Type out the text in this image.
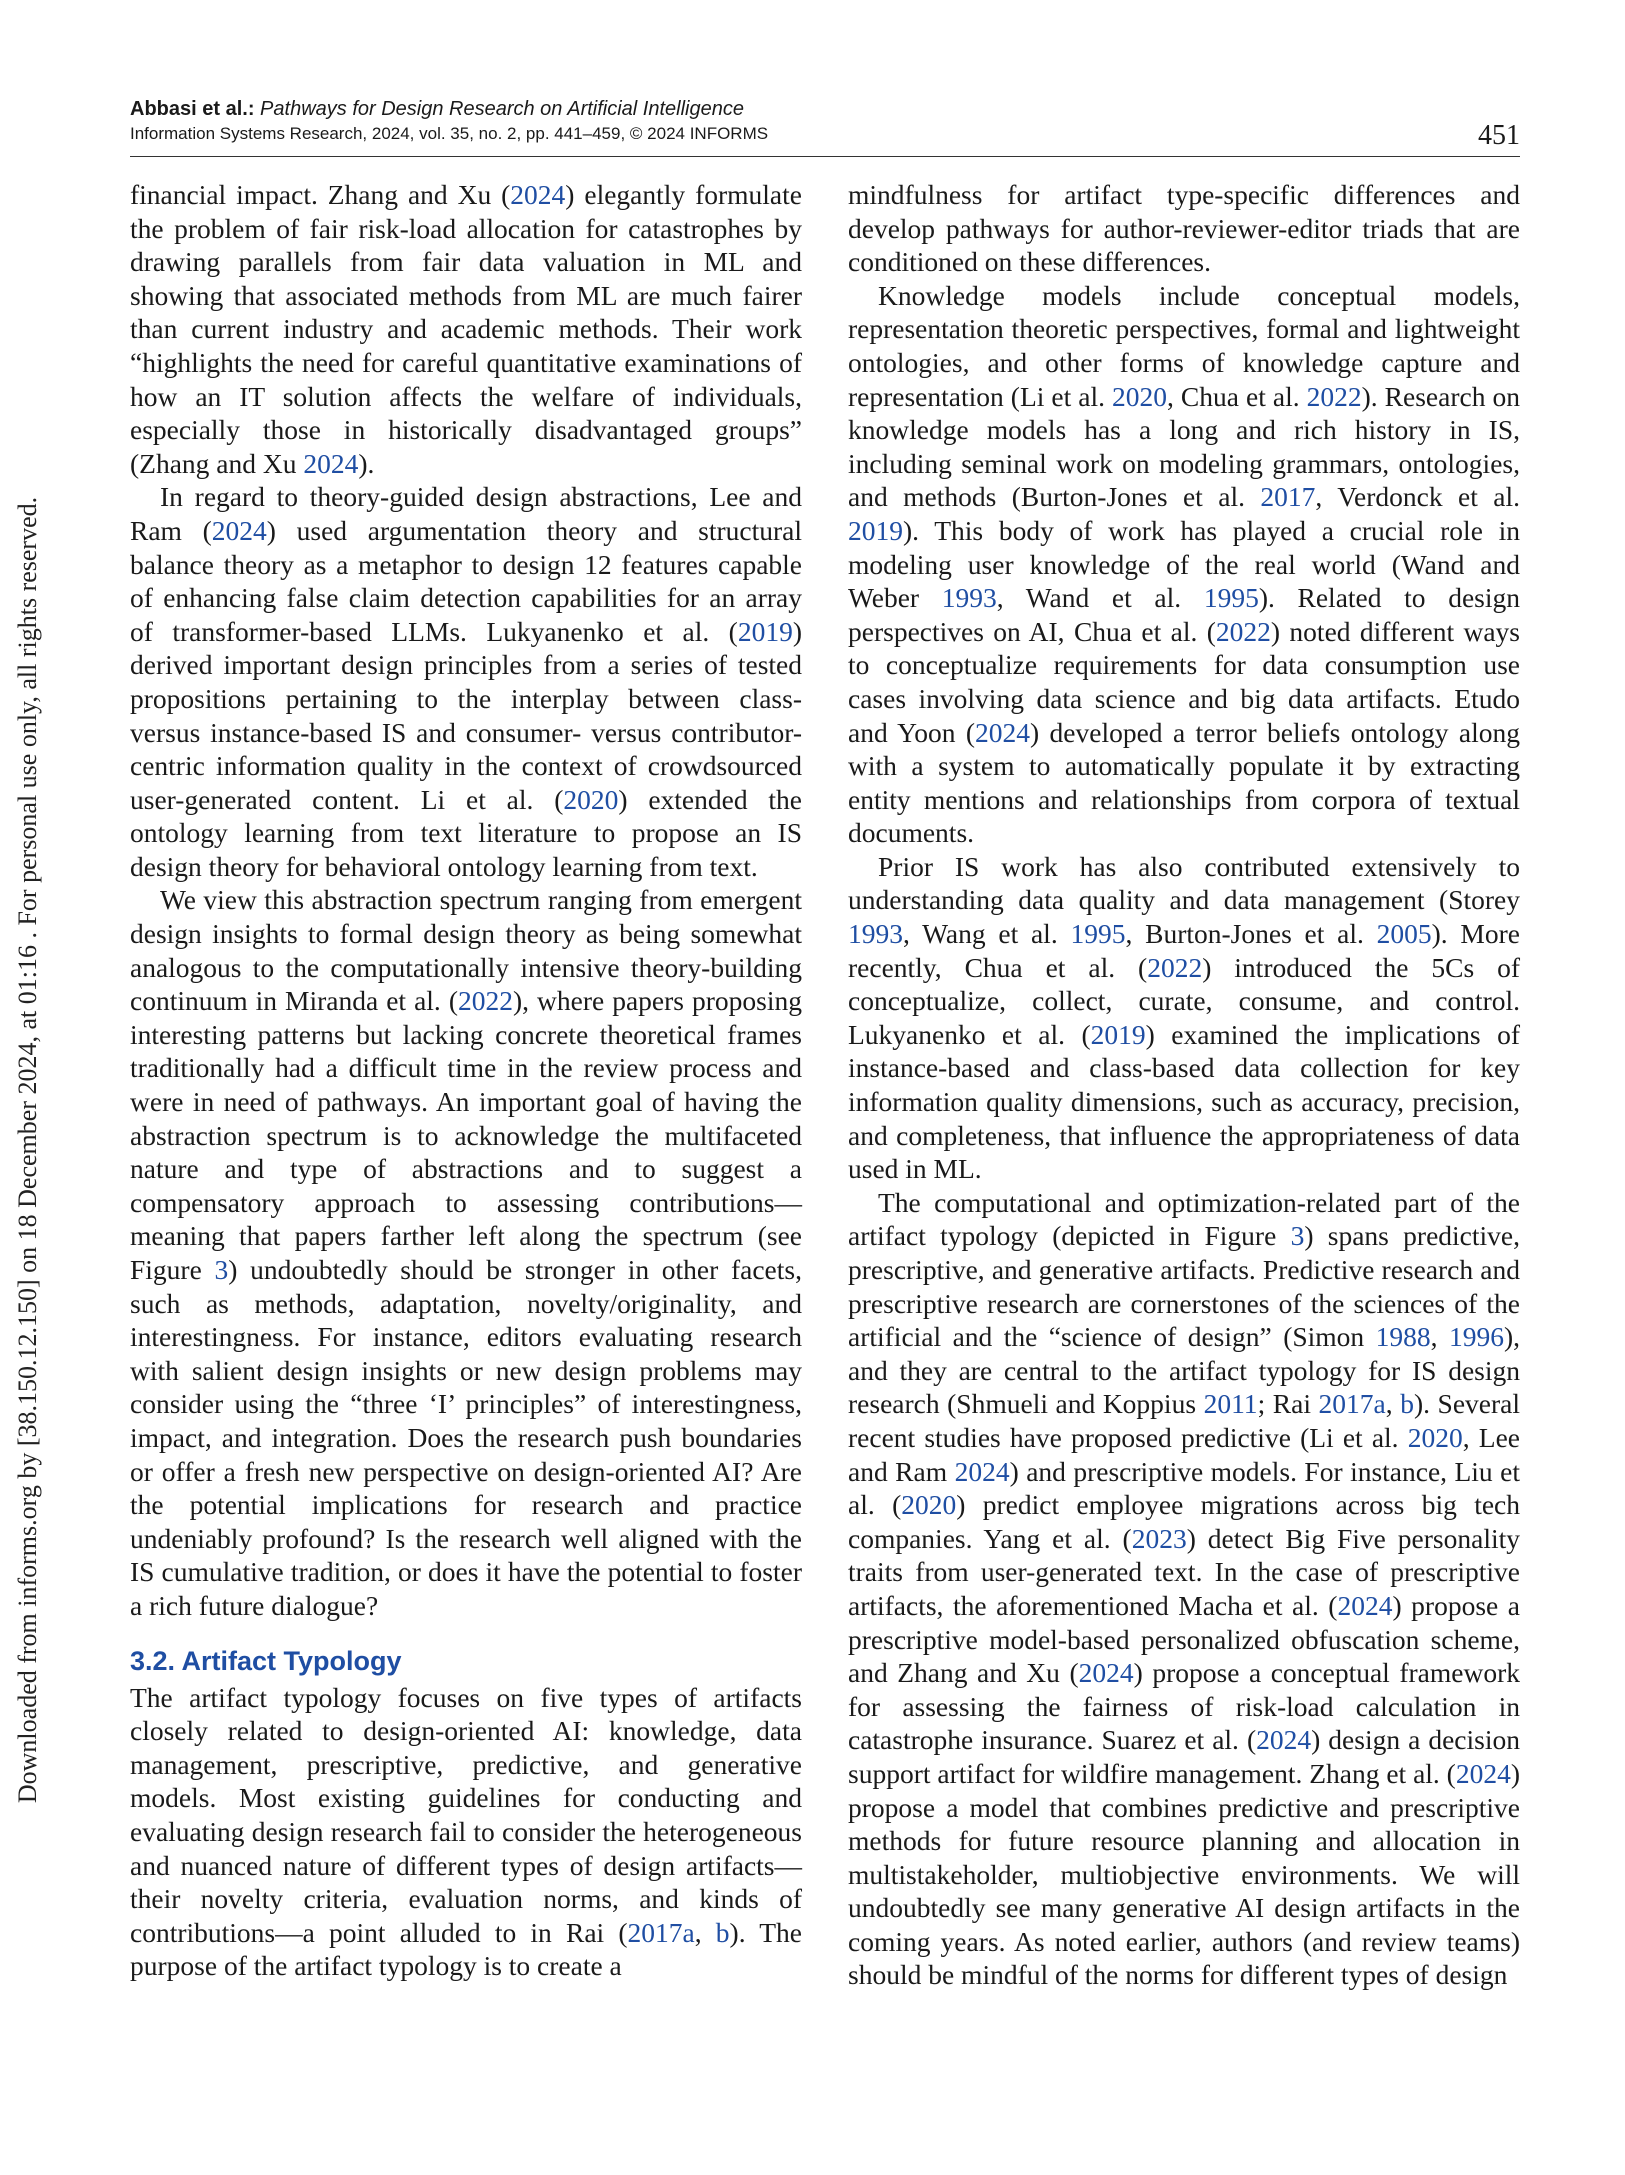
Downloaded from informs.org by [38.150.12.150] on 18 December 2024, at 01:16 . For personal use only, all rights reserved.
Abbasi et al.: Pathways for Design Research on Artificial Intelligence
Information Systems Research, 2024, vol. 35, no. 2, pp. 441–459, © 2024 INFORMS	451

financial impact. Zhang and Xu (2024) elegantly formulate the problem of fair risk-load allocation for catastrophes by drawing parallels from fair data valuation in ML and showing that associated methods from ML are much fairer than current industry and academic methods. Their work “highlights the need for careful quantitative examinations of how an IT solution affects the welfare of individuals, especially those in historically disadvantaged groups” (Zhang and Xu 2024).

In regard to theory-guided design abstractions, Lee and Ram (2024) used argumentation theory and structural balance theory as a metaphor to design 12 features capable of enhancing false claim detection capabilities for an array of transformer-based LLMs. Lukyanenko et al. (2019) derived important design principles from a series of tested propositions pertaining to the interplay between class- versus instance-based IS and consumer- versus contributor-centric information quality in the context of crowdsourced user-generated content. Li et al. (2020) extended the ontology learning from text literature to propose an IS design theory for behavioral ontology learning from text.

We view this abstraction spectrum ranging from emergent design insights to formal design theory as being somewhat analogous to the computationally intensive theory-building continuum in Miranda et al. (2022), where papers proposing interesting patterns but lacking concrete theoretical frames traditionally had a difficult time in the review process and were in need of pathways. An important goal of having the abstraction spectrum is to acknowledge the multifaceted nature and type of abstractions and to suggest a compensatory approach to assessing contributions—meaning that papers farther left along the spectrum (see Figure 3) undoubtedly should be stronger in other facets, such as methods, adaptation, novelty/originality, and interestingness. For instance, editors evaluating research with salient design insights or new design problems may consider using the “three ‘I’ principles” of interestingness, impact, and integration. Does the research push boundaries or offer a fresh new perspective on design-oriented AI? Are the potential implications for research and practice undeniably profound? Is the research well aligned with the IS cumulative tradition, or does it have the potential to foster a rich future dialogue?

3.2. Artifact Typology

The artifact typology focuses on five types of artifacts closely related to design-oriented AI: knowledge, data management, prescriptive, predictive, and generative models. Most existing guidelines for conducting and evaluating design research fail to consider the heterogeneous and nuanced nature of different types of design artifacts—their novelty criteria, evaluation norms, and kinds of contributions—a point alluded to in Rai (2017a, b). The purpose of the artifact typology is to create a

mindfulness for artifact type-specific differences and develop pathways for author-reviewer-editor triads that are conditioned on these differences.

Knowledge models include conceptual models, representation theoretic perspectives, formal and lightweight ontologies, and other forms of knowledge capture and representation (Li et al. 2020, Chua et al. 2022). Research on knowledge models has a long and rich history in IS, including seminal work on modeling grammars, ontologies, and methods (Burton-Jones et al. 2017, Verdonck et al. 2019). This body of work has played a crucial role in modeling user knowledge of the real world (Wand and Weber 1993, Wand et al. 1995). Related to design perspectives on AI, Chua et al. (2022) noted different ways to conceptualize requirements for data consumption use cases involving data science and big data artifacts. Etudo and Yoon (2024) developed a terror beliefs ontology along with a system to automatically populate it by extracting entity mentions and relationships from corpora of textual documents.

Prior IS work has also contributed extensively to understanding data quality and data management (Storey 1993, Wang et al. 1995, Burton-Jones et al. 2005). More recently, Chua et al. (2022) introduced the 5Cs of conceptualize, collect, curate, consume, and control. Lukyanenko et al. (2019) examined the implications of instance-based and class-based data collection for key information quality dimensions, such as accuracy, precision, and completeness, that influence the appropriateness of data used in ML.

The computational and optimization-related part of the artifact typology (depicted in Figure 3) spans predictive, prescriptive, and generative artifacts. Predictive research and prescriptive research are cornerstones of the sciences of the artificial and the “science of design” (Simon 1988, 1996), and they are central to the artifact typology for IS design research (Shmueli and Koppius 2011; Rai 2017a, b). Several recent studies have proposed predictive (Li et al. 2020, Lee and Ram 2024) and prescriptive models. For instance, Liu et al. (2020) predict employee migrations across big tech companies. Yang et al. (2023) detect Big Five personality traits from user-generated text. In the case of prescriptive artifacts, the aforementioned Macha et al. (2024) propose a prescriptive model-based personalized obfuscation scheme, and Zhang and Xu (2024) propose a conceptual framework for assessing the fairness of risk-load calculation in catastrophe insurance. Suarez et al. (2024) design a decision support artifact for wildfire management. Zhang et al. (2024) propose a model that combines predictive and prescriptive methods for future resource planning and allocation in multistakeholder, multiobjective environments. We will undoubtedly see many generative AI design artifacts in the coming years. As noted earlier, authors (and review teams) should be mindful of the norms for different types of design
